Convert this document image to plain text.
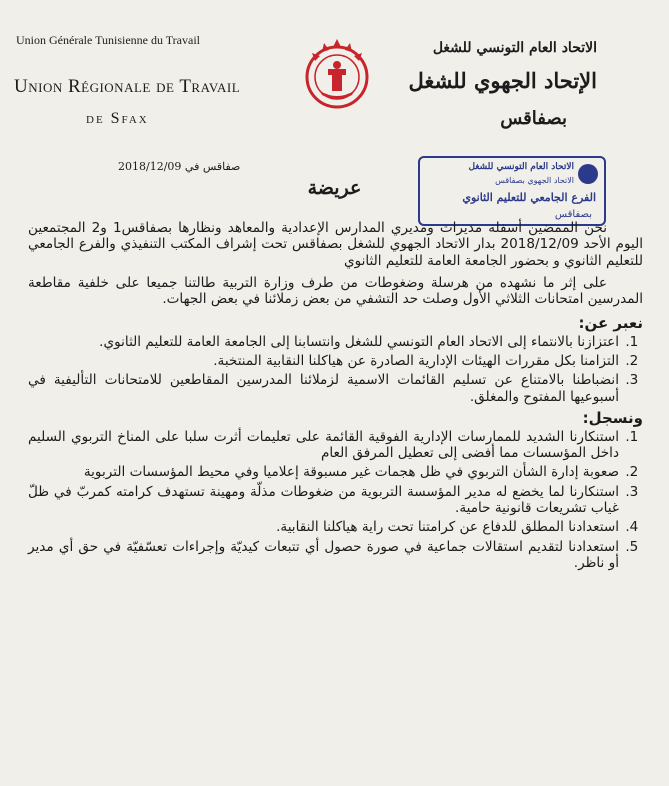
Union Générale Tunisienne du Travail
Union Régionale de Travail
de Sfax
الاتحاد العام التونسي للشغل
الإتحاد الجهوي للشغل
بصفاقس
الاتحاد العام التونسي للشغل
الاتحاد الجهوي بصفاقس
الفرع الجامعي للتعليم الثانوي
بصفاقس
صفاقس في 2018/12/09
عريضة

نحن الممضين أسفله مديرات ومديري المدارس الإعدادية والمعاهد ونظارها بصفاقس1 و2 المجتمعين اليوم الأحد 2018/12/09 بدار الاتحاد الجهوي للشغل بصفاقس تحت إشراف المكتب التنفيذي والفرع الجامعي للتعليم الثانوي و بحضور الجامعة العامة للتعليم الثانوي

على إثر ما نشهده من هرسلة وضغوطات من طرف وزارة التربية طالتنا جميعا على خلفية مقاطعة المدرسين امتحانات الثلاثي الأول وصلت حد التشفي من بعض زملائنا في بعض الجهات.

نعبر عن:
1. اعتزازنا بالانتماء إلى الاتحاد العام التونسي للشغل وانتسابنا إلى الجامعة العامة للتعليم الثانوي.
2. التزامنا بكل مقررات الهيئات الإدارية الصادرة عن هياكلنا النقابية المنتخبة.
3. انضباطنا بالامتناع عن تسليم القائمات الاسمية لزملائنا المدرسين المقاطعين للامتحانات التأليفية في أسبوعيها المفتوح والمغلق.
ونسجل:
1. استنكارنا الشديد للممارسات الإدارية الفوقية القائمة على تعليمات أثرت سلبا على المناخ التربوي السليم داخل المؤسسات مما أفضى إلى تعطيل المرفق العام
2. صعوبة إدارة الشأن التربوي في ظل هجمات غير مسبوقة إعلاميا وفي محيط المؤسسات التربوية
3. استنكارنا لما يخضع له مدير المؤسسة التربوية من ضغوطات مذلّة ومهينة تستهدف كرامته كمربّ في ظلّ غياب تشريعات قانونية حامية.
4. استعدادنا المطلق للدفاع عن كرامتنا تحت راية هياكلنا النقابية.
5. استعدادنا لتقديم استقالات جماعية في صورة حصول أي تتبعات كيديّة وإجراءات تعسّفيّة في حق أي مدير أو ناظر.
